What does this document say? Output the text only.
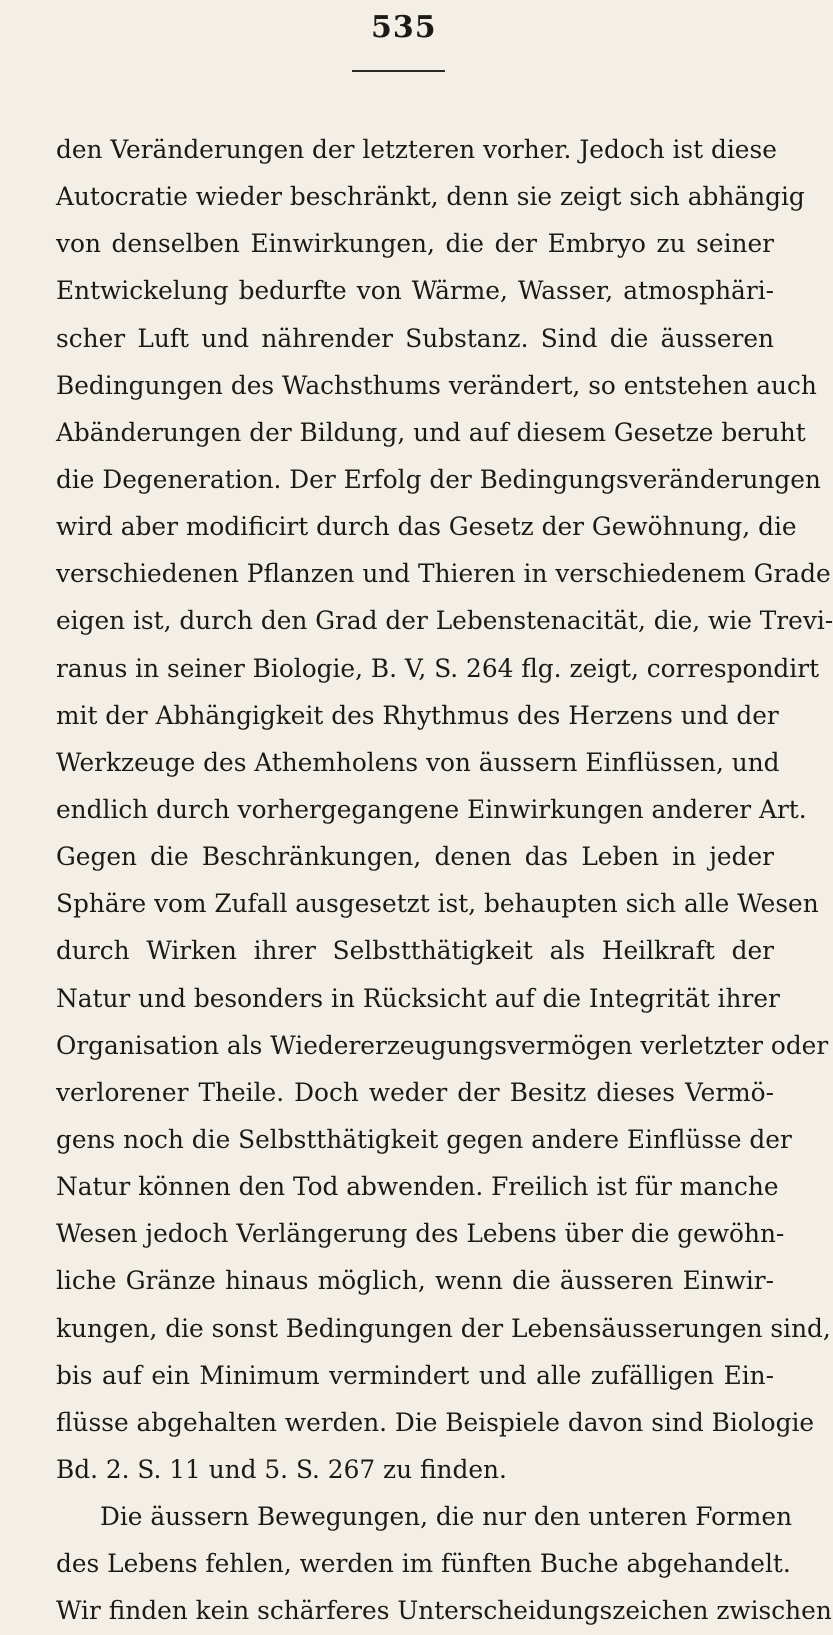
535
den Veränderungen der letzteren vorher. Jedoch ist diese
Autocratie wieder beschränkt, denn sie zeigt sich abhängig
von denselben Einwirkungen, die der Embryo zu seiner
Entwickelung bedurfte von Wärme, Wasser, atmosphäri-
scher Luft und nährender Substanz. Sind die äusseren
Bedingungen des Wachsthums verändert, so entstehen auch
Abänderungen der Bildung, und auf diesem Gesetze beruht
die Degeneration. Der Erfolg der Bedingungsveränderungen
wird aber modificirt durch das Gesetz der Gewöhnung, die
verschiedenen Pflanzen und Thieren in verschiedenem Grade
eigen ist, durch den Grad der Lebenstenacität, die, wie Trevi-
ranus in seiner Biologie, B. V, S. 264 flg. zeigt, correspondirt
mit der Abhängigkeit des Rhythmus des Herzens und der
Werkzeuge des Athemholens von äussern Einflüssen, und
endlich durch vorhergegangene Einwirkungen anderer Art.
Gegen die Beschränkungen, denen das Leben in jeder
Sphäre vom Zufall ausgesetzt ist, behaupten sich alle Wesen
durch Wirken ihrer Selbstthätigkeit als Heilkraft der
Natur und besonders in Rücksicht auf die Integrität ihrer
Organisation als Wiedererzeugungsvermögen verletzter oder
verlorener Theile. Doch weder der Besitz dieses Vermö-
gens noch die Selbstthätigkeit gegen andere Einflüsse der
Natur können den Tod abwenden. Freilich ist für manche
Wesen jedoch Verlängerung des Lebens über die gewöhn-
liche Gränze hinaus möglich, wenn die äusseren Einwir-
kungen, die sonst Bedingungen der Lebensäusserungen sind,
bis auf ein Minimum vermindert und alle zufälligen Ein-
flüsse abgehalten werden. Die Beispiele davon sind Biologie
Bd. 2. S. 11 und 5. S. 267 zu finden.
Die äussern Bewegungen, die nur den unteren Formen
des Lebens fehlen, werden im fünften Buche abgehandelt.
Wir finden kein schärferes Unterscheidungszeichen zwischen
